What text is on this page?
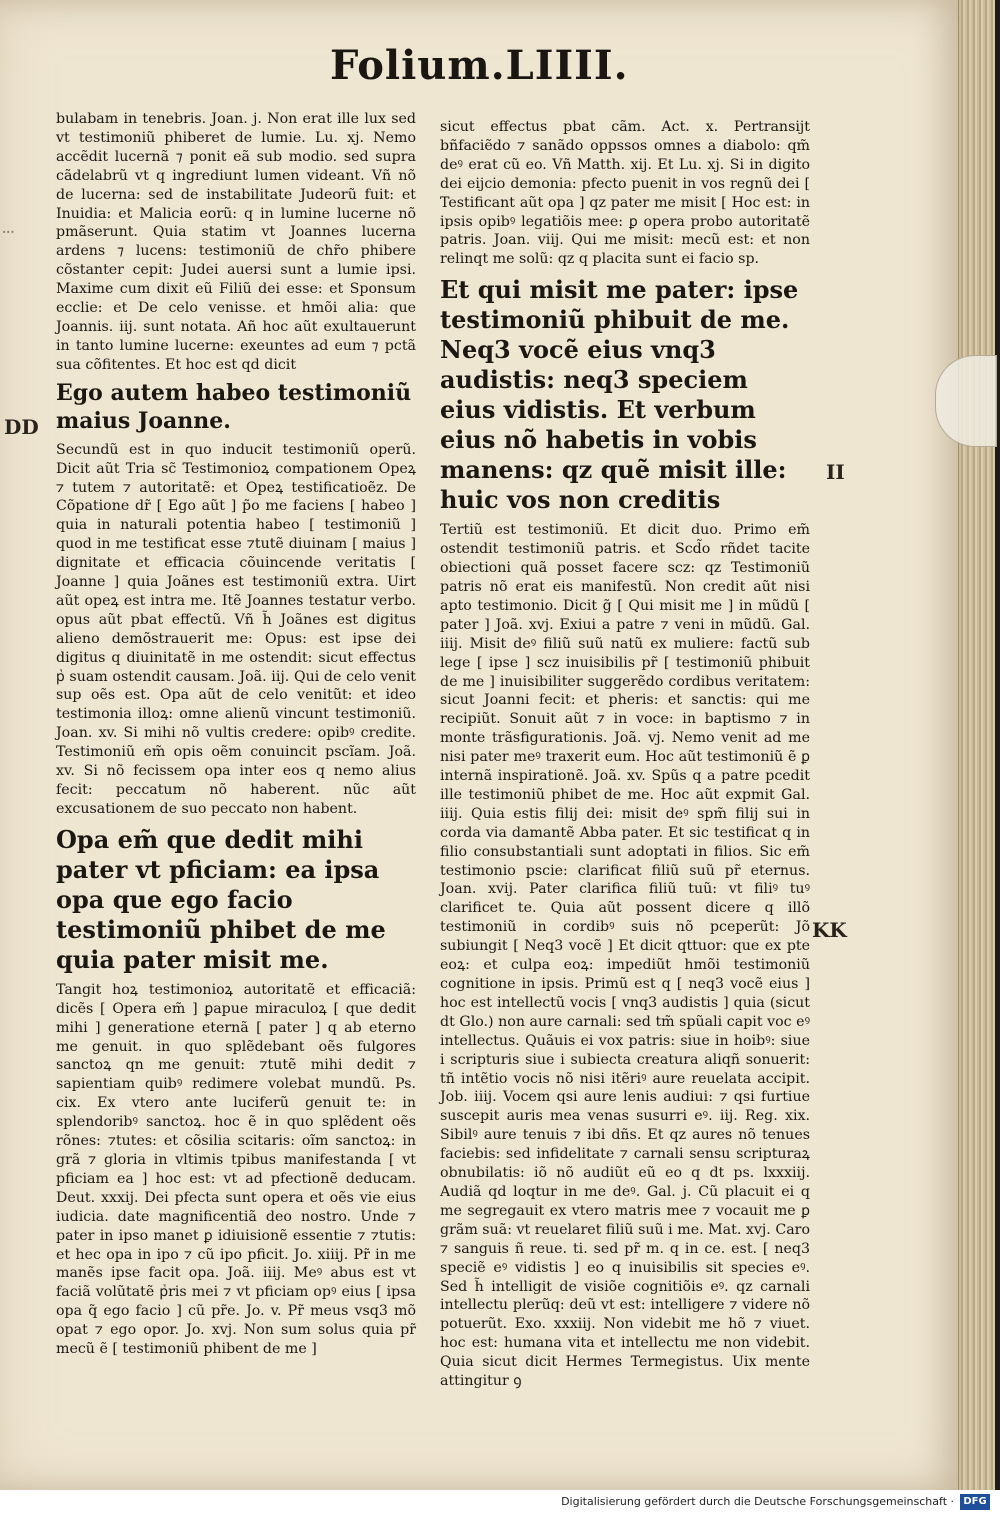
Folium.LIIII.

bulabam in tenebris. Joan. j. Non erat ille lux sed vt testimoniũ phiberet de lumie. Lu. xj. Nemo accẽdit lucernã ⁊ ponit eã sub modio. sed supra cãdelabrũ vt q ingrediunt lumen videant. Vñ nõ de lucerna: sed de instabilitate Judeorũ fuit: et Inuidia: et Malicia eorũ: q in lumine lucerne nõ pmãserunt. Quia statim vt Joannes lucerna ardens ⁊ lucens: testimoniũ de chr̃o phibere cõstanter cepit: Judei auersi sunt a lumie ipsi. Maxime cum dixit eũ Filiũ dei esse: et Sponsum ecclie: et De celo venisse. et hmõi alia: que Joannis. iij. sunt notata. Añ hoc aũt exultauerunt in tanto lumine lucerne: exeuntes ad eum ⁊ pctã sua cõfitentes. Et hoc est qd dicit

Ego autem habeo testimoniũ maius Joanne.

Secundũ est in quo inducit testimoniũ operũ. Dicit aũt Tria sc̃ Testimonioꝝ compationem Opeꝝ ⁊ tutem ⁊ autoritatẽ: et Opeꝝ testificatioẽz. De Cõpatione dr̃ [ Ego aũt ] p̃o me faciens [ habeo ] quia in naturali potentia habeo [ testimoniũ ] quod in me testificat esse ⁊tutẽ diuinam [ maius ] dignitate et efficacia cõuincende veritatis [ Joanne ] quia Joãnes est testimoniũ extra. Uirt aũt opeꝝ est intra me. Itẽ Joannes testatur verbo. opus aũt pbat effectũ. Vñ h̃ Joãnes est digitus alieno demõstrauerit me: Opus: est ipse dei digitus q diuinitatẽ in me ostendit: sicut effectus pᷣ suam ostendit causam. Joã. iij. Qui de celo venit sup oẽs est. Opa aũt de celo venitũt: et ideo testimonia illoꝝ: omne alienũ vincunt testimoniũ. Joan. xv. Si mihi nõ vultis credere: opibꝰ credite. Testimoniũ em̃ opis oẽm conuincit pscĩam. Joã. xv. Si nõ fecissem opa inter eos q nemo alius fecit: peccatum nõ haberent. nũc aũt excusationem de suo peccato non habent.

Opa em̃ que dedit mihi pater vt pficiam: ea ipsa opa que ego facio testimoniũ phibet de me quia pater misit me.

Tangit hoꝝ testimonioꝝ autoritatẽ et efficaciã: dicẽs [ Opera em̃ ] ꝑapue miraculoꝝ [ que dedit mihi ] generatione eternã [ pater ] q ab eterno me genuit. in quo splẽdebant oẽs fulgores sanctoꝝ qn me genuit: ⁊tutẽ mihi dedit ⁊ sapientiam quibꝰ redimere volebat mundũ. Ps. cix. Ex vtero ante luciferũ genuit te: in splendoribꝰ sanctoꝝ. hoc ẽ in quo splẽdent oẽs rõnes: ⁊tutes: et cõsilia scitaris: oĩm sanctoꝝ: in grã ⁊ gloria in vltimis tpibus manifestanda [ vt pficiam ea ] hoc est: vt ad pfectionẽ deducam. Deut. xxxij. Dei pfecta sunt opera et oẽs vie eius iudicia. date magnificentiã deo nostro. Unde ⁊ pater in ipso manet ꝑ idiuisionẽ essentie ⁊ ⁊tutis: et hec opa in ipo ⁊ cũ ipo pficit. Jo. xiiij. Pr̃ in me manẽs ipse facit opa. Joã. iiij. Meꝰ abus est vt faciã volũtatẽ pᷣris mei ⁊ vt pficiam opꝰ eius [ ipsa opa q̃ ego facio ] cũ pr̃e. Jo. v. Pr̃ meus vsq3 mõ opat ⁊ ego opor. Jo. xvj. Non sum solus quia pr̃ mecũ ẽ [ testimoniũ phibent de me ]

sicut effectus pbat cãm. Act. x. Pertransijt bñfaciẽdo ⁊ sanãdo oppssos omnes a diabolo: qm̃ deꝰ erat cũ eo. Vñ Matth. xij. Et Lu. xj. Si in digito dei eijcio demonia: pfecto puenit in vos regnũ dei [ Testificant aũt opa ] qz pater me misit [ Hoc est: in ipsis opibꝰ legatiõis mee: ꝑ opera probo autoritatẽ patris. Joan. viij. Qui me misit: mecũ est: et non relinqt me solũ: qz q placita sunt ei facio sp.

Et qui misit me pater: ipse testimoniũ phibuit de me. Neq3 vocẽ eius vnq3 audistis: neq3 speciem eius vidistis. Et verbum eius nõ habetis in vobis manens: qz quẽ misit ille: huic vos non creditis

Tertiũ est testimoniũ. Et dicit duo. Primo em̃ ostendit testimoniũ patris. et Scd̃o rñdet tacite obiectioni quã posset facere scz: qz Testimoniũ patris nõ erat eis manifestũ. Non credit aũt nisi apto testimonio. Dicit g̃ [ Qui misit me ] in mũdũ [ pater ] Joã. xvj. Exiui a patre ⁊ veni in mũdũ. Gal. iiij. Misit deꝰ filiũ suũ natũ ex muliere: factũ sub lege [ ipse ] scz inuisibilis pr̃ [ testimoniũ phibuit de me ] inuisibiliter suggerẽdo cordibus veritatem: sicut Joanni fecit: et pheris: et sanctis: qui me recipiũt. Sonuit aũt ⁊ in voce: in baptismo ⁊ in monte trãsfigurationis. Joã. vj. Nemo venit ad me nisi pater meꝰ traxerit eum. Hoc aũt testimoniũ ẽ ꝑ internã inspirationẽ. Joã. xv. Spũs q a patre pcedit ille testimoniũ phibet de me. Hoc aũt expmit Gal. iiij. Quia estis filij dei: misit deꝰ spm̃ filij sui in corda via damantẽ Abba pater. Et sic testificat q in filio consubstantiali sunt adoptati in filios. Sic em̃ testimonio pscie: clarificat filiũ suũ pr̃ eternus. Joan. xvij. Pater clarifica filiũ tuũ: vt filiꝰ tuꝰ clarificet te. Quia aũt possent dicere q illõ testimoniũ in cordibꝰ suis nõ pceperũt: Jõ subiungit [ Neq3 vocẽ ] Et dicit qttuor: que ex pte eoꝝ: et culpa eoꝝ: impediũt hmõi testimoniũ cognitione in ipsis. Primũ est q [ neq3 vocẽ eius ] hoc est intellectũ vocis [ vnq3 audistis ] quia (sicut dt Glo.) non aure carnali: sed tm̃ spũali capit voc eꝰ intellectus. Quãuis ei vox patris: siue in hoibꝰ: siue i scripturis siue i subiecta creatura aliqñ sonuerit: tñ intẽtio vocis nõ nisi itẽriꝰ aure reuelata accipit. Job. iiij. Vocem qsi aure lenis audiui: ⁊ qsi furtiue suscepit auris mea venas susurri eꝰ. iij. Reg. xix. Sibilꝰ aure tenuis ⁊ ibi dñs. Et qz aures nõ tenues faciebis: sed infidelitate ⁊ carnali sensu scripturaꝝ obnubilatis: iõ nõ audiũt eũ eo q dt ps. lxxxiij. Audiã qd loqtur in me deꝰ. Gal. j. Cũ placuit ei q me segregauit ex vtero matris mee ⁊ vocauit me ꝑ grãm suã: vt reuelaret filiũ suũ i me. Mat. xvj. Caro ⁊ sanguis ñ reue. ti. sed pr̃ m. q in ce. est. [ neq3 speciẽ eꝰ vidistis ] eo q inuisibilis sit species eꝰ. Sed h̃ intelligit de visiõe cognitiõis eꝰ. qz carnali intellectu plerũq: deũ vt est: intelligere ⁊ videre nõ potuerũt. Exo. xxxiij. Non videbit me hõ ⁊ viuet. hoc est: humana vita et intellectu me non videbit. Quia sicut dicit Hermes Termegistus. Uix mente attingitur ꝯ

...
DD
II
KK
Digitalisierung gefördert durch die Deutsche Forschungsgemeinschaft · DFG
